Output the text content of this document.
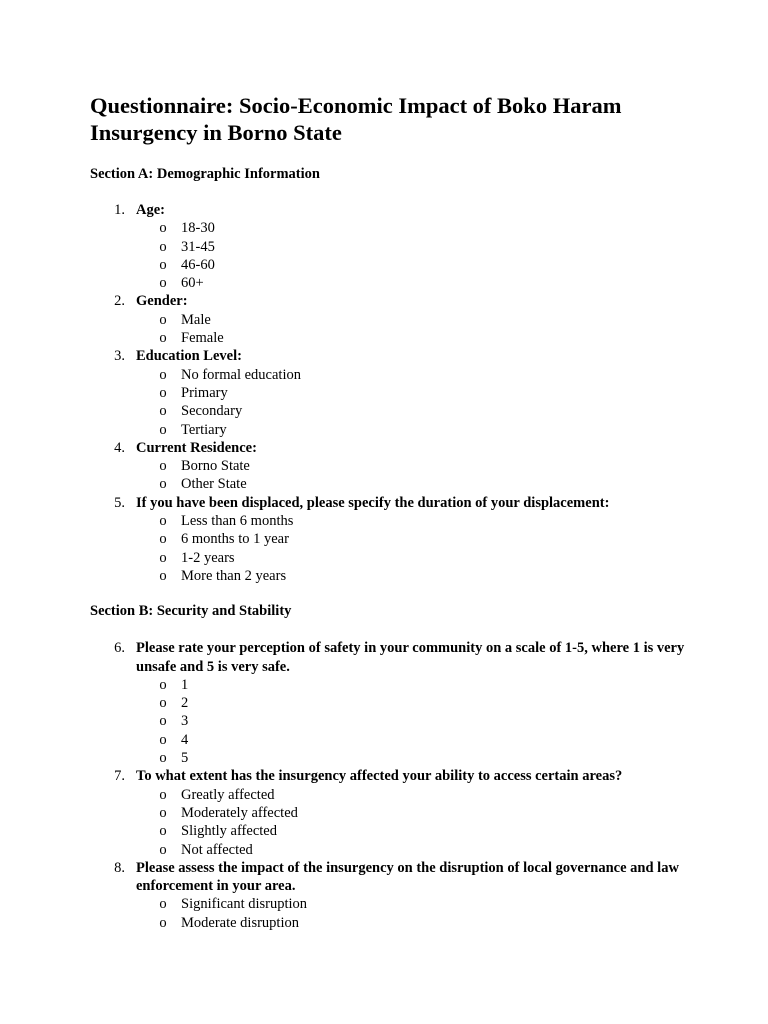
Questionnaire: Socio-Economic Impact of Boko Haram Insurgency in Borno State
Section A: Demographic Information
1. Age:
o 18-30
o 31-45
o 46-60
o 60+
2. Gender:
o Male
o Female
3. Education Level:
o No formal education
o Primary
o Secondary
o Tertiary
4. Current Residence:
o Borno State
o Other State
5. If you have been displaced, please specify the duration of your displacement:
o Less than 6 months
o 6 months to 1 year
o 1-2 years
o More than 2 years
Section B: Security and Stability
6. Please rate your perception of safety in your community on a scale of 1-5, where 1 is very unsafe and 5 is very safe.
o 1
o 2
o 3
o 4
o 5
7. To what extent has the insurgency affected your ability to access certain areas?
o Greatly affected
o Moderately affected
o Slightly affected
o Not affected
8. Please assess the impact of the insurgency on the disruption of local governance and law enforcement in your area.
o Significant disruption
o Moderate disruption
